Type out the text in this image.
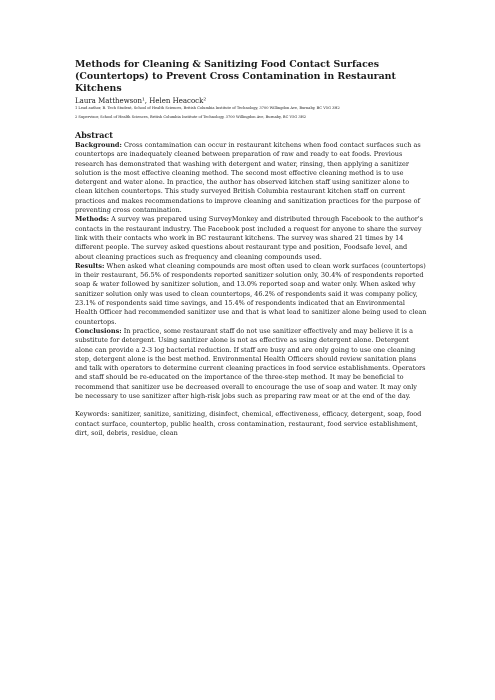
Methods for Cleaning & Sanitizing Food Contact Surfaces (Countertops) to Prevent Cross Contamination in Restaurant Kitchens
Laura Matthewson¹, Helen Heacock²
1 Lead author, B. Tech Student, School of Health Sciences, British Columbia Institute of Technology, 3700 Willingdon Ave, Burnaby, BC V5G 3H2
2 Supervisor, School of Health Sciences, British Columbia Institute of Technology, 3700 Willingdon Ave, Burnaby, BC V5G 3H2
Abstract

Background: Cross contamination can occur in restaurant kitchens when food contact surfaces such as countertops are inadequately cleaned between preparation of raw and ready to eat foods. Previous research has demonstrated that washing with detergent and water, rinsing, then applying a sanitizer solution is the most effective cleaning method. The second most effective cleaning method is to use detergent and water alone. In practice, the author has observed kitchen staff using sanitizer alone to clean kitchen countertops. This study surveyed British Columbia restaurant kitchen staff on current practices and makes recommendations to improve cleaning and sanitization practices for the purpose of preventing cross contamination.

Methods: A survey was prepared using SurveyMonkey and distributed through Facebook to the author's contacts in the restaurant industry. The Facebook post included a request for anyone to share the survey link with their contacts who work in BC restaurant kitchens. The survey was shared 21 times by 14 different people. The survey asked questions about restaurant type and position, Foodsafe level, and about cleaning practices such as frequency and cleaning compounds used.

Results: When asked what cleaning compounds are most often used to clean work surfaces (countertops) in their restaurant, 56.5% of respondents reported sanitizer solution only, 30.4% of respondents reported soap & water followed by sanitizer solution, and 13.0% reported soap and water only. When asked why sanitizer solution only was used to clean countertops, 46.2% of respondents said it was company policy, 23.1% of respondents said time savings, and 15.4% of respondents indicated that an Environmental Health Officer had recommended sanitizer use and that is what lead to sanitizer alone being used to clean countertops.

Conclusions: In practice, some restaurant staff do not use sanitizer effectively and may believe it is a substitute for detergent. Using sanitizer alone is not as effective as using detergent alone. Detergent alone can provide a 2-3 log bacterial reduction. If staff are busy and are only going to use one cleaning step, detergent alone is the best method. Environmental Health Officers should review sanitation plans and talk with operators to determine current cleaning practices in food service establishments. Operators and staff should be re-educated on the importance of the three-step method. It may be beneficial to recommend that sanitizer use be decreased overall to encourage the use of soap and water. It may only be necessary to use sanitizer after high-risk jobs such as preparing raw meat or at the end of the day.

Keywords: sanitizer, sanitize, sanitizing, disinfect, chemical, effectiveness, efficacy, detergent, soap, food contact surface, countertop, public health, cross contamination, restaurant, food service establishment, dirt, soil, debris, residue, clean
